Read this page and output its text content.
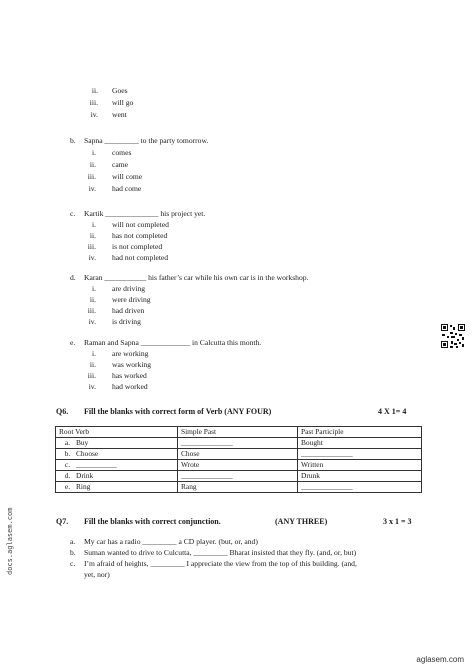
ii. Goes
iii. will go
iv. went
b. Sapna _________ to the party tomorrow.
i. comes
ii. came
iii. will come
iv. had come
c. Kartik ______________ his project yet.
i. will not completed
ii. has not completed
iii. is not completed
iv. had not completed
d. Karan ___________ his father’s car while his own car is in the workshop.
i. are driving
ii. were driving
iii. had driven
iv. is driving
e. Raman and Sapna _____________ in Calcutta this month.
i. are working
ii. was working
iii. has worked
iv. had worked
Q6. Fill the blanks with correct form of Verb (ANY FOUR)	4 X 1= 4
Root Verb	Simple Past	Past Participle
a. Buy	______________	Bought
b. Choose	Chose	______________
c. ___________	Wrote	Written
d. Drink	______________	Drunk
e. Ring	Rang	______________
Q7. Fill the blanks with correct conjunction.	(ANY THREE)	3 x 1 = 3
a. My car has a radio _________ a CD player. (but, or, and)
b. Suman wanted to drive to Culcutta, _________ Bharat insisted that they fly. (and, or, but)
c. I’m afraid of heights, _________ I appreciate the view from the top of this building. (and,
yet, nor)
docs.aglasem.com
aglasem.com
